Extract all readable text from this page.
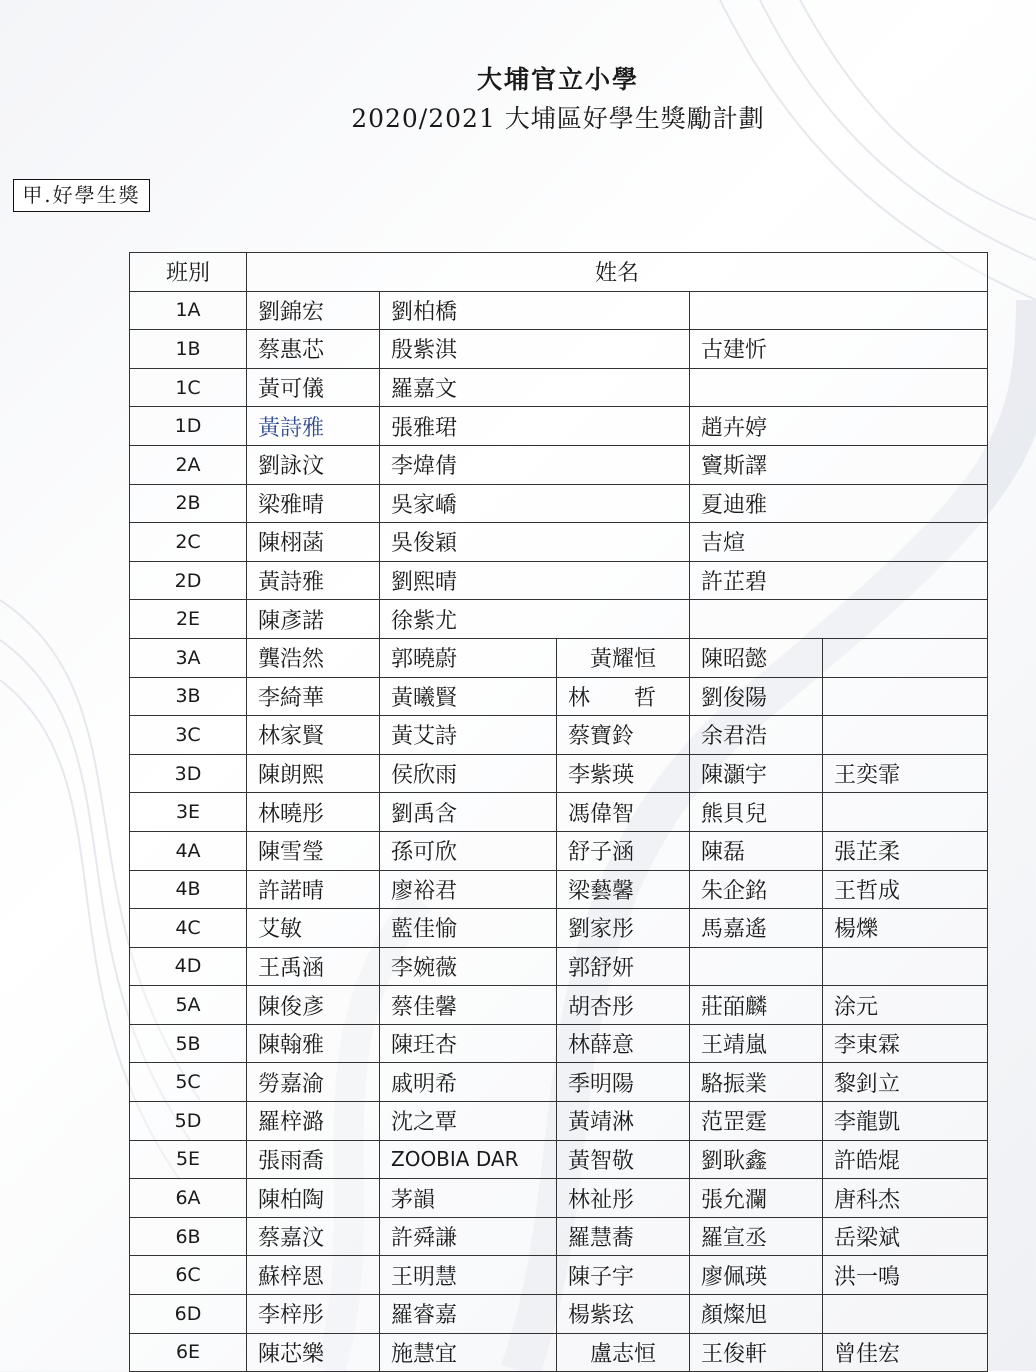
大埔官立小學
2020/2021 大埔區好學生獎勵計劃
甲.好學生獎
班別	姓名				
1A	劉錦宏	劉柏橋			
1B	蔡惠芯	殷紫淇		古建忻	
1C	黃可儀	羅嘉文			
1D	黃詩雅	張雅珺		趙卉婷	
2A	劉詠汶	李煒倩		竇斯譯	
2B	梁雅晴	吳家嶠		夏迪雅	
2C	陳栩菡	吳俊穎		吉煊	
2D	黃詩雅	劉熙晴		許芷碧	
2E	陳彥諾	徐紫尤			
3A	龔浩然	郭曉蔚	黃耀恒	陳昭懿	
3B	李綺華	黃曦賢	林　　哲	劉俊陽	
3C	林家賢	黃艾詩	蔡寶鈴	余君浩	
3D	陳朗熙	侯欣雨	李紫瑛	陳灝宇	王奕霏
3E	林曉彤	劉禹含	馮偉智	熊貝兒	
4A	陳雪瑩	孫可欣	舒子涵	陳磊	張芷柔
4B	許諾晴	廖裕君	梁藝馨	朱企銘	王哲成
4C	艾敏	藍佳愉	劉家彤	馬嘉遙	楊爍
4D	王禹涵	李婉薇	郭舒妍		
5A	陳俊彥	蔡佳馨	胡杏彤	莊皕麟	涂元
5B	陳翰雅	陳玨杏	林薛意	王靖嵐	李東霖
5C	勞嘉渝	戚明希	季明陽	駱振業	黎釗立
5D	羅梓潞	沈之覃	黃靖淋	范罡霆	李龍凱
5E	張雨喬	ZOOBIA DAR	黃智敬	劉耿鑫	許皓焜
6A	陳柏陶	茅韻	林祉彤	張允瀾	唐科杰
6B	蔡嘉汶	許舜謙	羅慧蕎	羅宣丞	岳梁斌
6C	蘇梓恩	王明慧	陳子宇	廖佩瑛	洪一鳴
6D	李梓彤	羅睿嘉	楊紫玹	顏燦旭	
6E	陳芯樂	施慧宜	盧志恒	王俊軒	曾佳宏
